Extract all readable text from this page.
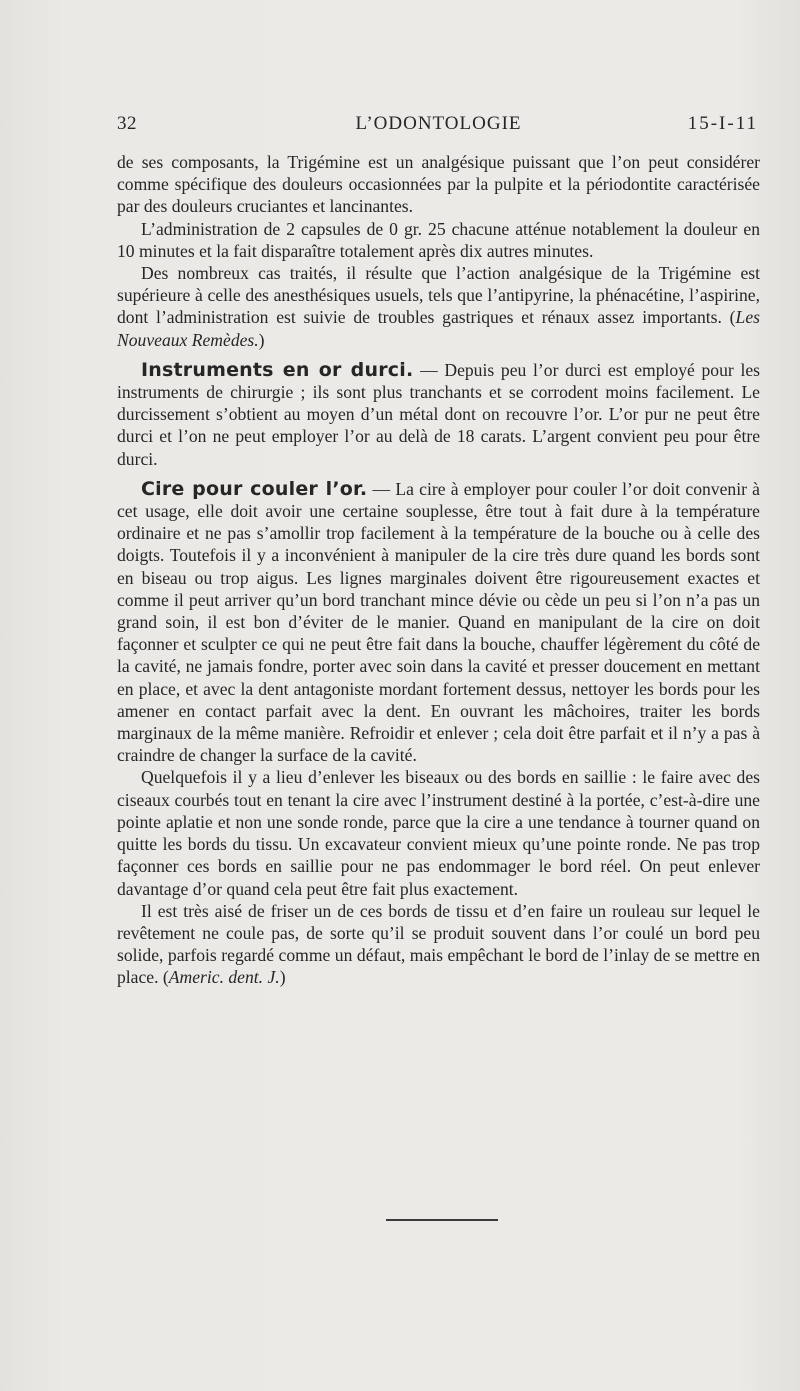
32	L’ODONTOLOGIE	15-I-11

de ses composants, la Trigémine est un analgésique puissant que l’on peut considérer comme spécifique des douleurs occasionnées par la pulpite et la périodontite caractérisée par des douleurs cruciantes et lancinantes.

L’administration de 2 capsules de 0 gr. 25 chacune atténue notablement la douleur en 10 minutes et la fait disparaître totalement après dix autres minutes.

Des nombreux cas traités, il résulte que l’action analgésique de la Trigémine est supérieure à celle des anesthésiques usuels, tels que l’antipyrine, la phénacétine, l’aspirine, dont l’administration est suivie de troubles gastriques et rénaux assez importants. (Les Nouveaux Remèdes.)

Instruments en or durci. — Depuis peu l’or durci est employé pour les instruments de chirurgie ; ils sont plus tranchants et se corrodent moins facilement. Le durcissement s’obtient au moyen d’un métal dont on recouvre l’or. L’or pur ne peut être durci et l’on ne peut employer l’or au delà de 18 carats. L’argent convient peu pour être durci.

Cire pour couler l’or. — La cire à employer pour couler l’or doit convenir à cet usage, elle doit avoir une certaine souplesse, être tout à fait dure à la température ordinaire et ne pas s’amollir trop facilement à la température de la bouche ou à celle des doigts. Toutefois il y a inconvénient à manipuler de la cire très dure quand les bords sont en biseau ou trop aigus. Les lignes marginales doivent être rigoureusement exactes et comme il peut arriver qu’un bord tranchant mince dévie ou cède un peu si l’on n’a pas un grand soin, il est bon d’éviter de le manier. Quand en manipulant de la cire on doit façonner et sculpter ce qui ne peut être fait dans la bouche, chauffer légèrement du côté de la cavité, ne jamais fondre, porter avec soin dans la cavité et presser doucement en mettant en place, et avec la dent antagoniste mordant fortement dessus, nettoyer les bords pour les amener en contact parfait avec la dent. En ouvrant les mâchoires, traiter les bords marginaux de la même manière. Refroidir et enlever ; cela doit être parfait et il n’y a pas à craindre de changer la surface de la cavité.

Quelquefois il y a lieu d’enlever les biseaux ou des bords en saillie : le faire avec des ciseaux courbés tout en tenant la cire avec l’instrument destiné à la portée, c’est-à-dire une pointe aplatie et non une sonde ronde, parce que la cire a une tendance à tourner quand on quitte les bords du tissu. Un excavateur convient mieux qu’une pointe ronde. Ne pas trop façonner ces bords en saillie pour ne pas endommager le bord réel. On peut enlever davantage d’or quand cela peut être fait plus exactement.

Il est très aisé de friser un de ces bords de tissu et d’en faire un rouleau sur lequel le revêtement ne coule pas, de sorte qu’il se produit souvent dans l’or coulé un bord peu solide, parfois regardé comme un défaut, mais empêchant le bord de l’inlay de se mettre en place. (Americ. dent. J.)
